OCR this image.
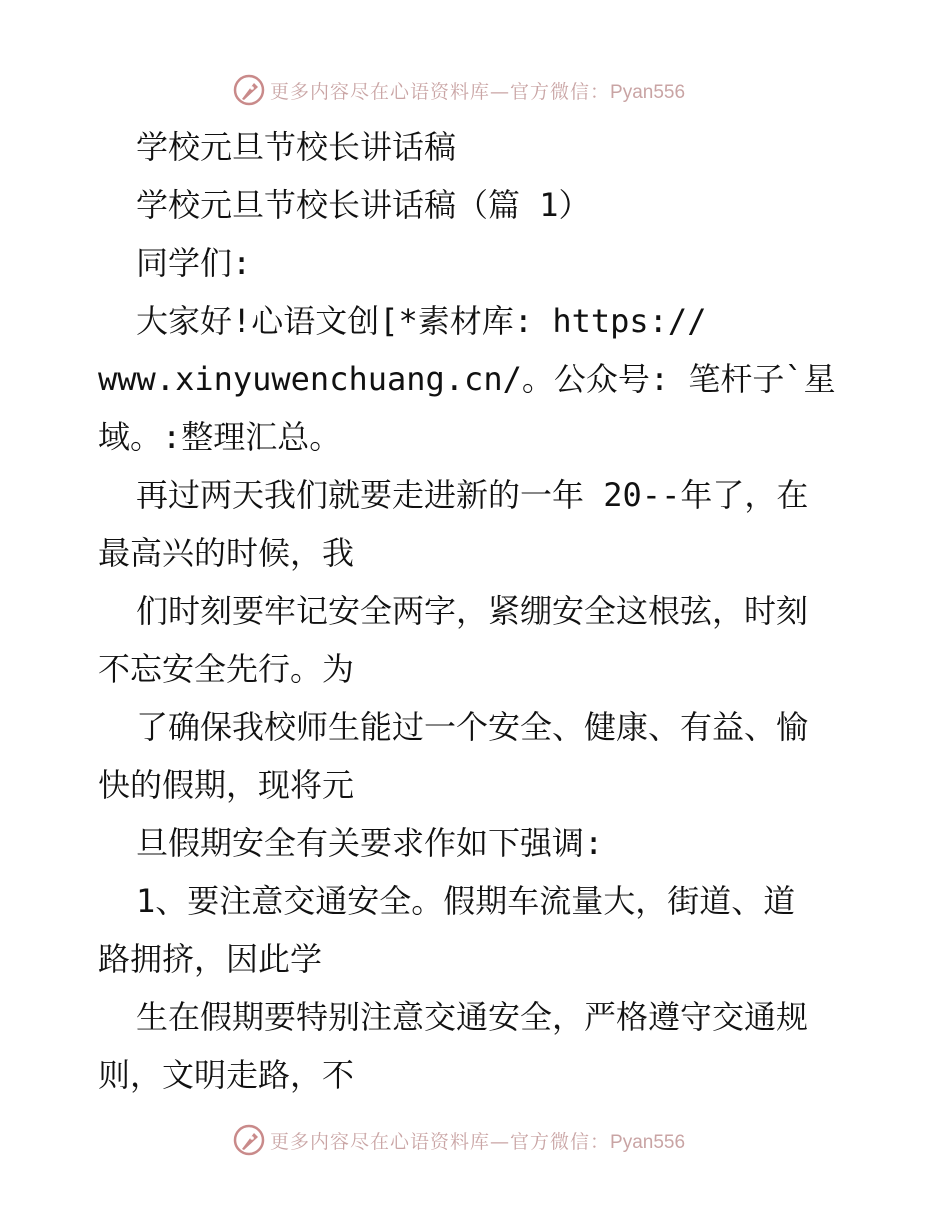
更多内容尽在心语资料库—官方微信：Pyan556
学校元旦节校长讲话稿
学校元旦节校长讲话稿（篇 1）
同学们:
大家好!心语文创[*素材库: https://
www.xinyuwenchuang.cn/。公众号: 笔杆子`星
域。:整理汇总。
再过两天我们就要走进新的一年 20--年了，在
最高兴的时候，我
们时刻要牢记安全两字，紧绷安全这根弦，时刻
不忘安全先行。为
了确保我校师生能过一个安全、健康、有益、愉
快的假期，现将元
旦假期安全有关要求作如下强调:
1、要注意交通安全。假期车流量大，街道、道
路拥挤，因此学
生在假期要特别注意交通安全，严格遵守交通规
则，文明走路，不
更多内容尽在心语资料库—官方微信：Pyan556
